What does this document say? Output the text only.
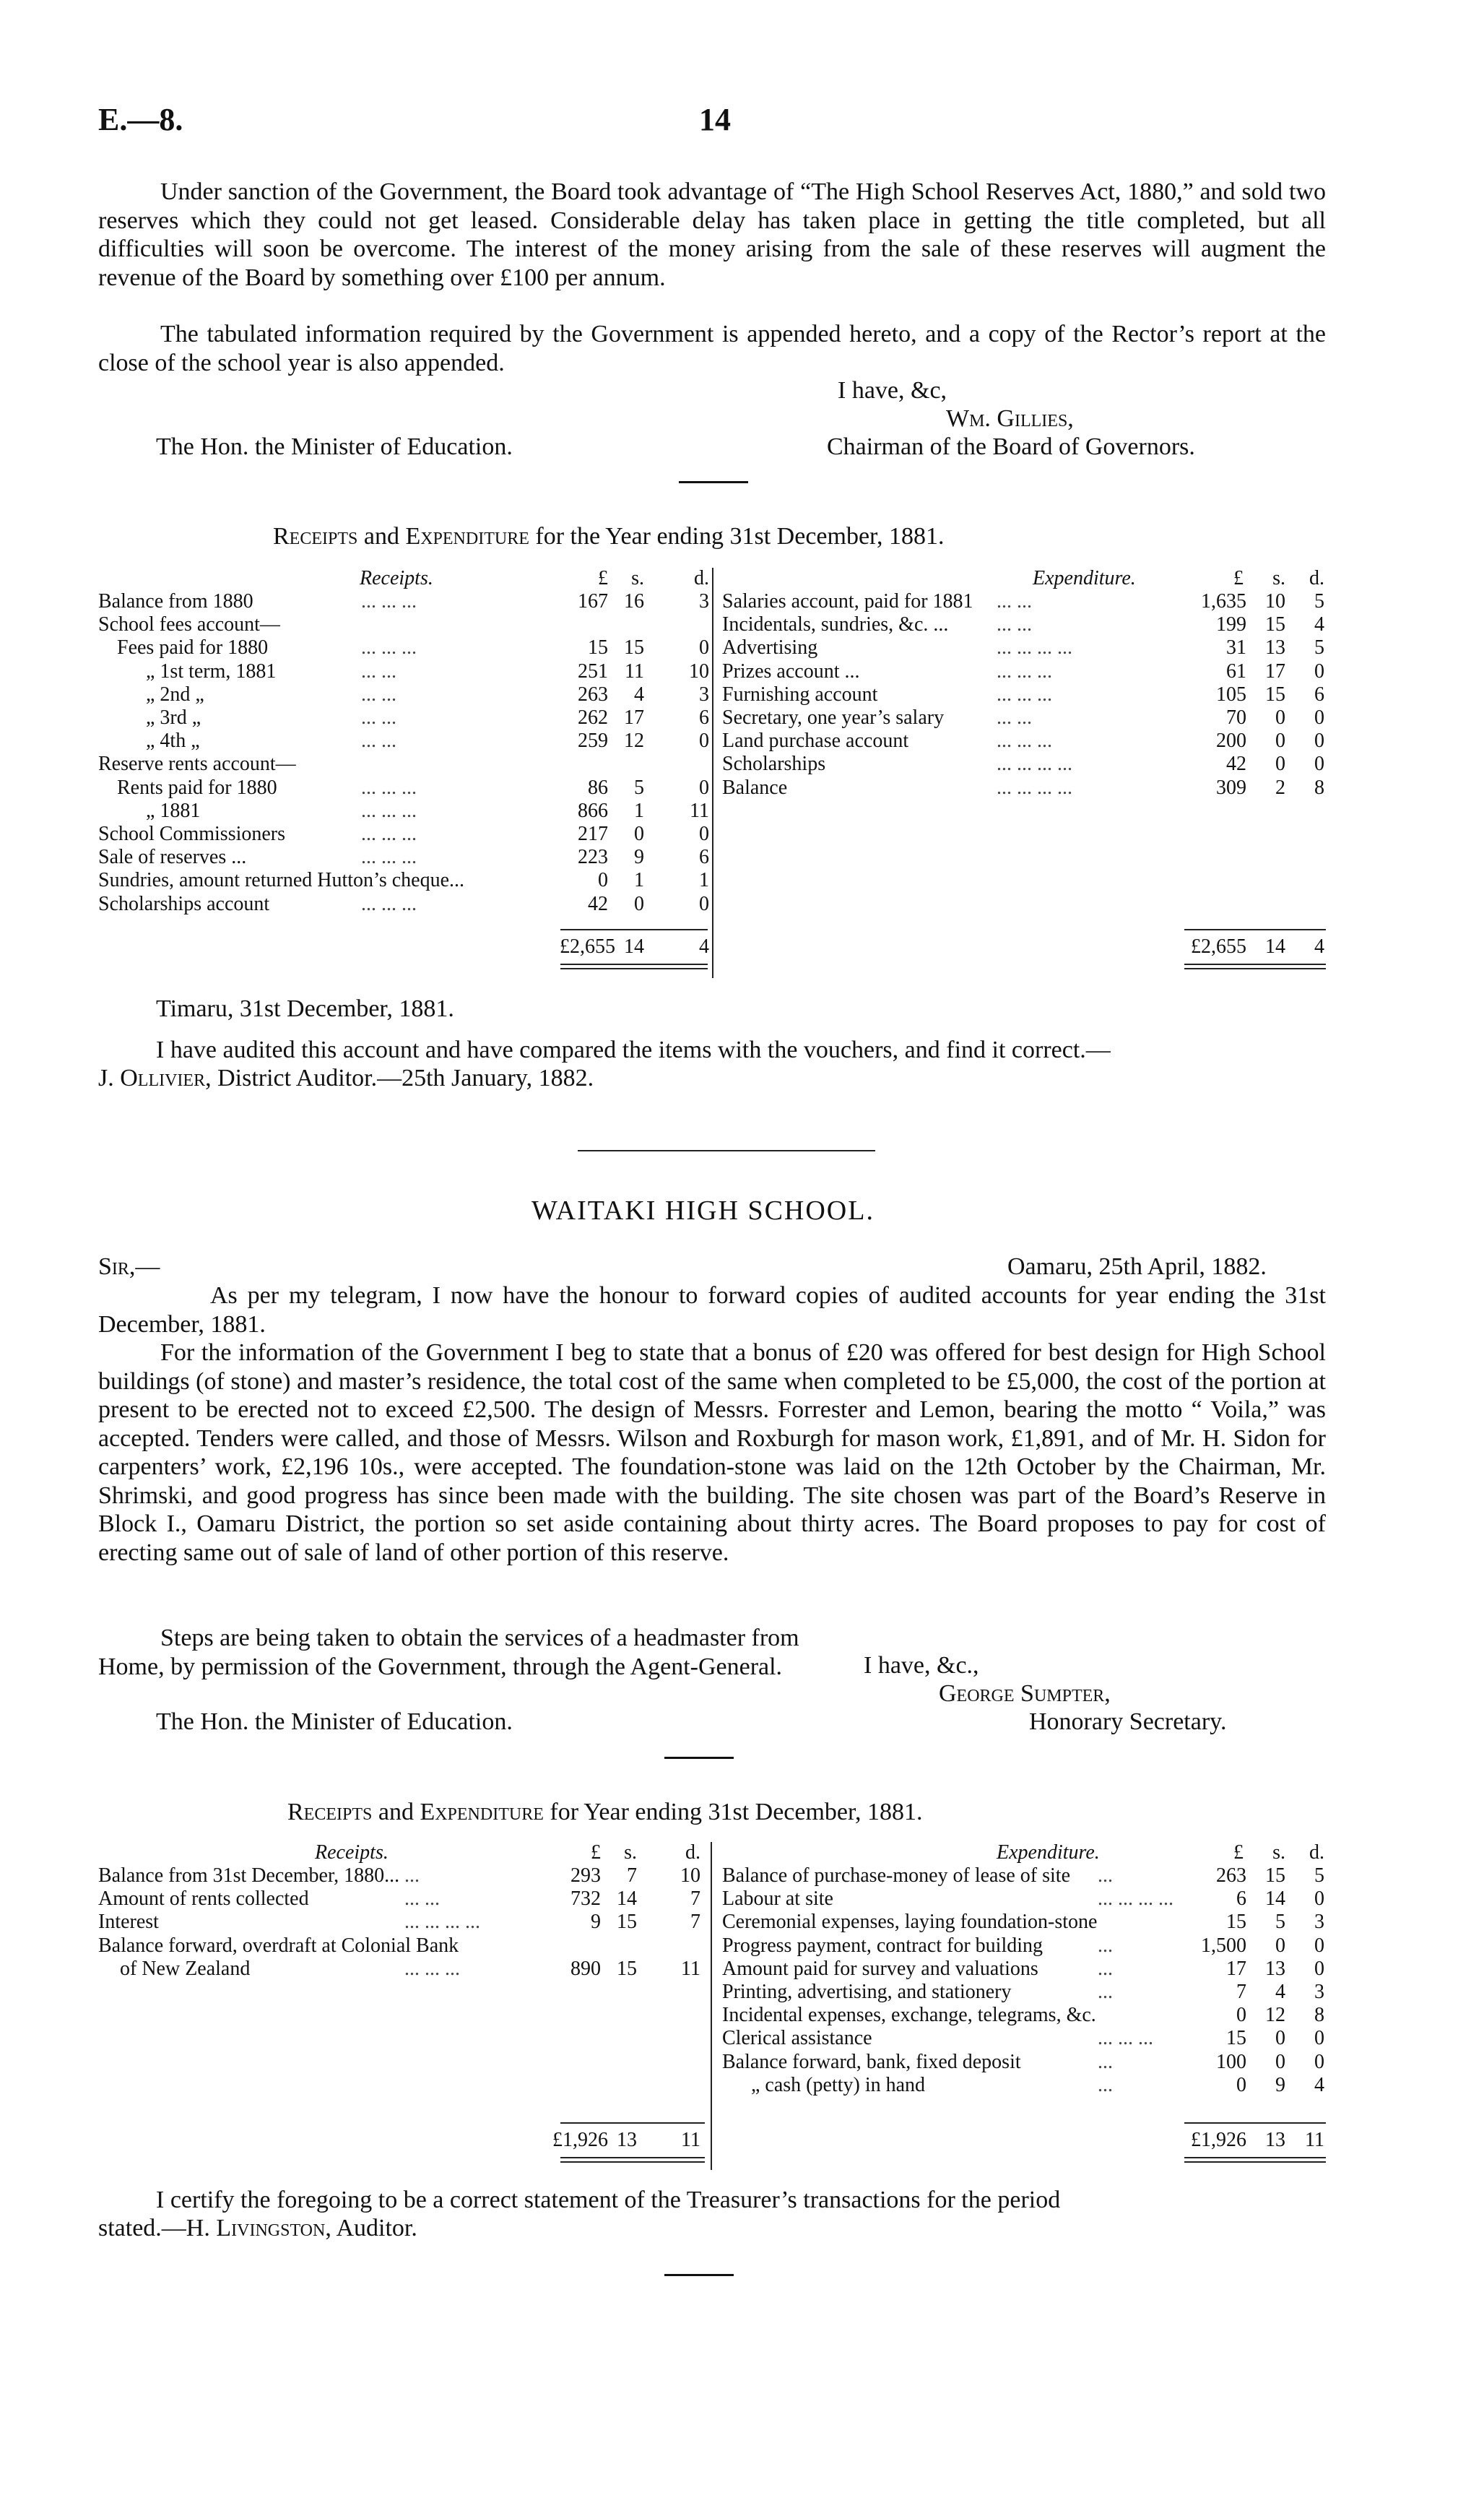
E.—8.	14
Under sanction of the Government, the Board took advantage of “The High School Reserves Act, 1880,” and sold two reserves which they could not get leased. Considerable delay has taken place in getting the title completed, but all difficulties will soon be overcome. The interest of the money arising from the sale of these reserves will augment the revenue of the Board by something over £100 per annum.
The tabulated information required by the Government is appended hereto, and a copy of the Rector’s report at the close of the school year is also appended.
I have, &c,
Wm. Gillies,
The Hon. the Minister of Education.	Chairman of the Board of Governors.
Receipts and Expenditure for the Year ending 31st December, 1881.
Receipts.	Expenditure.
£	s.	d.	£	s.	d.
Balance from 1880	... ... ...	167 16	3
School fees account—
Fees paid for 1880	... ... ...	15 15	0
„ 1st term, 1881	... ...	251 11	10
„ 2nd „	... ...	263	4	3
„ 3rd „	... ...	262 17	6
„ 4th „	... ...	259 12	0
Reserve rents account—
Rents paid for 1880	... ... ...	86	5	0
„ 1881	... ... ...	866	1	11
School Commissioners	... ... ...	217	0	0
Sale of reserves ...	... ... ...	223	9	6
Sundries, amount returned Hutton’s cheque...	0	1	1
Scholarships account	... ... ...	42	0	0
Salaries account, paid for 1881 ... ...	1,635 10	5
Incidentals, sundries, &c. ... ... ...	199 15	4
Advertising	... ... ... ...	31 13	5
Prizes account ...	... ... ...	61 17	0
Furnishing account	... ... ...	105 15	6
Secretary, one year’s salary	... ...	70	0	0
Land purchase account	... ... ...	200	0	0
Scholarships	... ... ... ...	42	0	0
Balance	... ... ... ...	309	2	8
£2,655 14	4	£2,655 14	4
Timaru, 31st December, 1881.
I have audited this account and have compared the items with the vouchers, and find it correct.—
J. Ollivier, District Auditor.—25th January, 1882.
WAITAKI HIGH SCHOOL.
Sir,—	Oamaru, 25th April, 1882.
As per my telegram, I now have the honour to forward copies of audited accounts for year ending the 31st December, 1881.
For the information of the Government I beg to state that a bonus of £20 was offered for best design for High School buildings (of stone) and master’s residence, the total cost of the same when completed to be £5,000, the cost of the portion at present to be erected not to exceed £2,500. The design of Messrs. Forrester and Lemon, bearing the motto “ Voila,” was accepted. Tenders were called, and those of Messrs. Wilson and Roxburgh for mason work, £1,891, and of Mr. H. Sidon for carpenters’ work, £2,196 10s., were accepted. The foundation-stone was laid on the 12th October by the Chairman, Mr. Shrimski, and good progress has since been made with the building. The site chosen was part of the Board’s Reserve in Block I., Oamaru District, the portion so set aside containing about thirty acres. The Board proposes to pay for cost of erecting same out of sale of land of other portion of this reserve.
Steps are being taken to obtain the services of a headmaster from Home, by permission of the Government, through the Agent-General.	I have, &c.,
George Sumpter,
The Hon. the Minister of Education.	Honorary Secretary.
Receipts and Expenditure for Year ending 31st December, 1881.
Receipts.	Expenditure.
£	s.	d.	£	s.	d.
Balance from 31st December, 1880... ...	293	7	10
Amount of rents collected	... ...	732 14	7
Interest	... ... ... ...	9 15	7
Balance forward, overdraft at Colonial Bank
of New Zealand	... ... ...	890 15	11
Balance of purchase-money of lease of site ...	263 15	5
Labour at site	... ... ... ...	6 14	0
Ceremonial expenses, laying foundation-stone	15	5	3
Progress payment, contract for building	...	1,500	0	0
Amount paid for survey and valuations	...	17 13	0
Printing, advertising, and stationery	...	7	4	3
Incidental expenses, exchange, telegrams, &c.	0 12	8
Clerical assistance	... ... ...	15	0	0
Balance forward, bank, fixed deposit	...	100	0	0
„ cash (petty) in hand	...	0	9	4
£1,926 13	11	£1,926 13 11
I certify the foregoing to be a correct statement of the Treasurer’s transactions for the period
stated.—H. Livingston, Auditor.
